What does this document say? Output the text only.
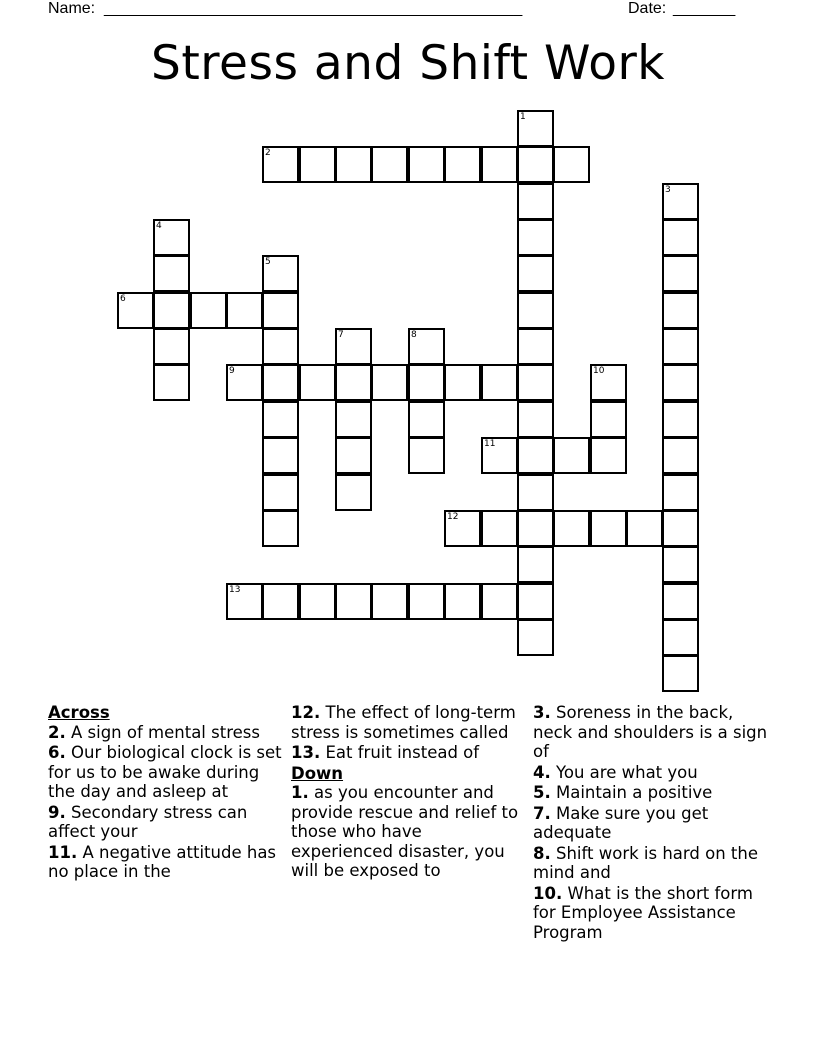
Name: _______________________________________________	Date: _______
Stress and Shift Work
1
2
3
4
5
6
7	8
9	10
11
12
13
Across
2. A sign of mental stress
6. Our biological clock is set for us to be awake during the day and asleep at
9. Secondary stress can affect your
11. A negative attitude has no place in the
12. The effect of long-term stress is sometimes called
13. Eat fruit instead of
Down
1. as you encounter and provide rescue and relief to those who have experienced disaster, you will be exposed to
3. Soreness in the back, neck and shoulders is a sign of
4. You are what you
5. Maintain a positive
7. Make sure you get adequate
8. Shift work is hard on the mind and
10. What is the short form for Employee Assistance Program
